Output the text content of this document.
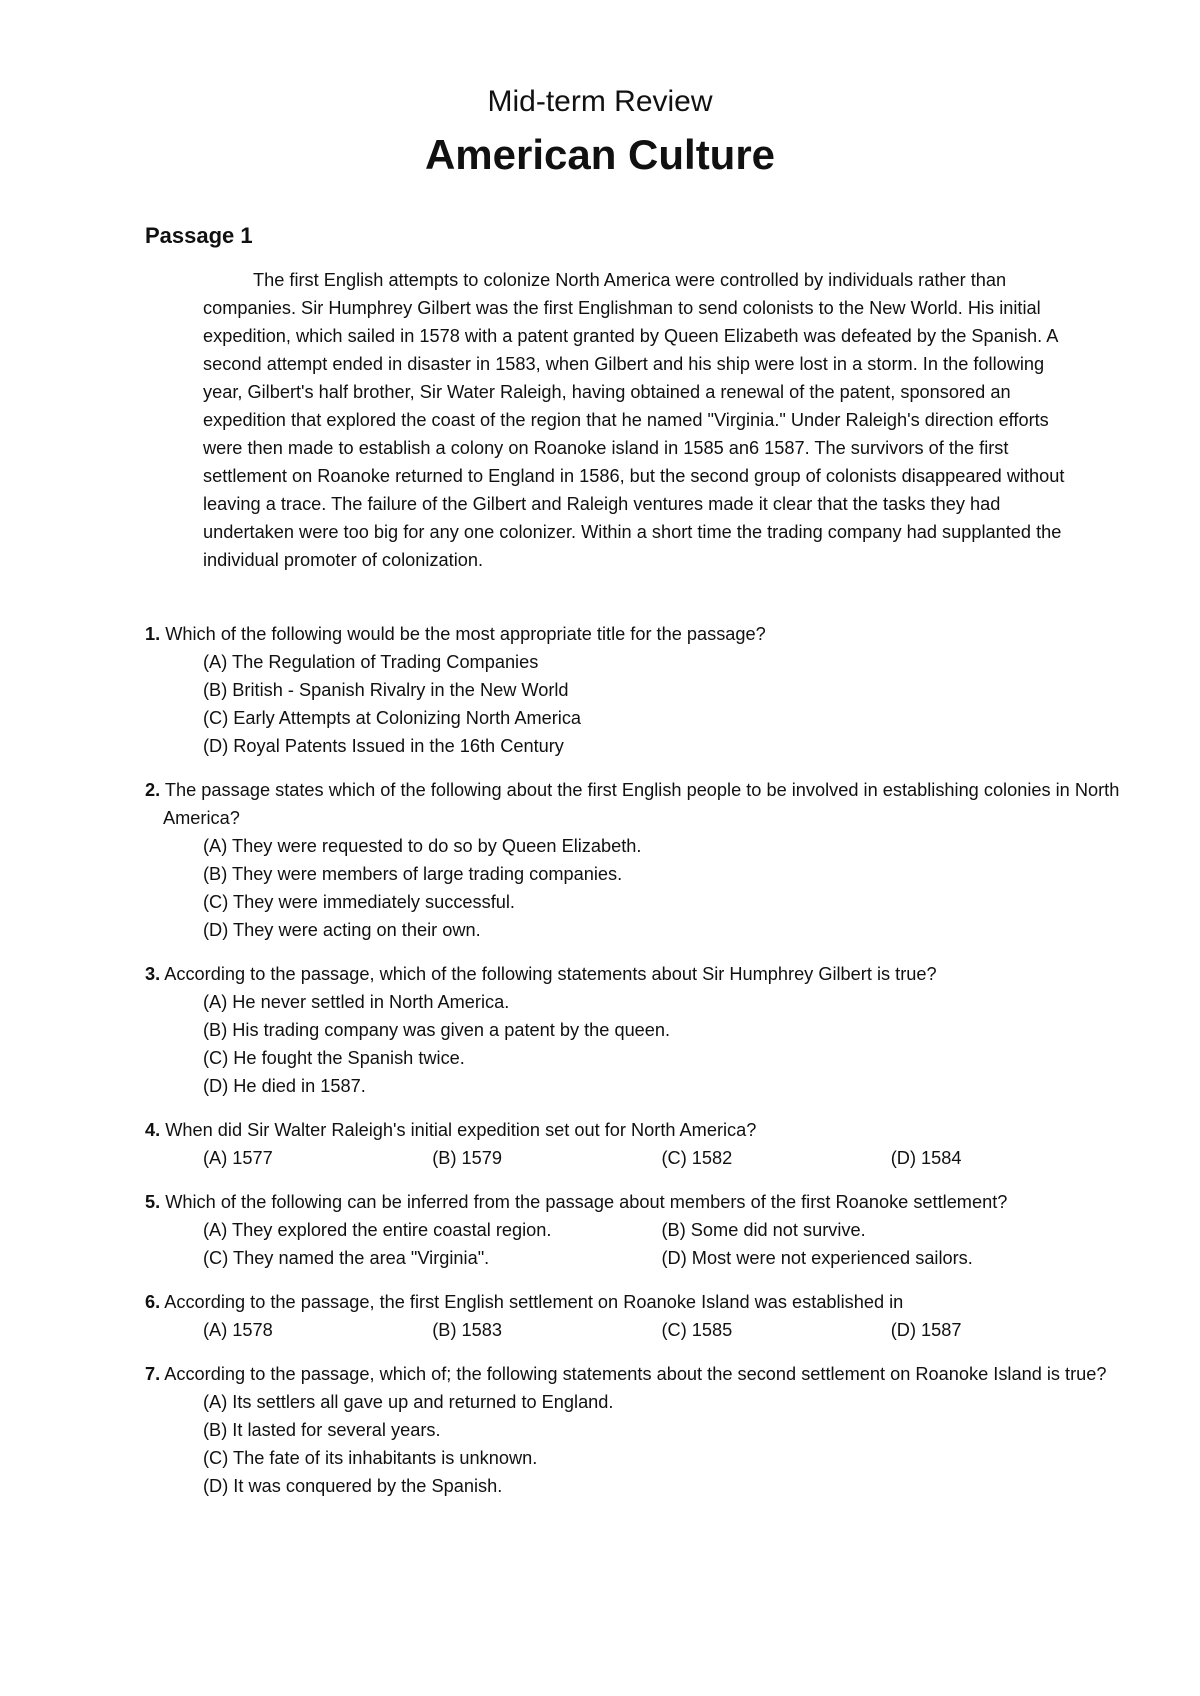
Mid-term Review
American Culture
Passage 1

The first English attempts to colonize North America were controlled by individuals rather than companies. Sir Humphrey Gilbert was the first Englishman to send colonists to the New World. His initial expedition, which sailed in 1578 with a patent granted by Queen Elizabeth was defeated by the Spanish. A second attempt ended in disaster in 1583, when Gilbert and his ship were lost in a storm. In the following year, Gilbert's half brother, Sir Water Raleigh, having obtained a renewal of the patent, sponsored an expedition that explored the coast of the region that he named "Virginia." Under Raleigh's direction efforts were then made to establish a colony on Roanoke island in 1585 an6 1587. The survivors of the first settlement on Roanoke returned to England in 1586, but the second group of colonists disappeared without leaving a trace. The failure of the Gilbert and Raleigh ventures made it clear that the tasks they had undertaken were too big for any one colonizer. Within a short time the trading company had supplanted the individual promoter of colonization.

1. Which of the following would be the most appropriate title for the passage?

(A) The Regulation of Trading Companies
(B) British - Spanish Rivalry in the New World
(C) Early Attempts at Colonizing North America
(D) Royal Patents Issued in the 16th Century

2. The passage states which of the following about the first English people to be involved in establishing colonies in North America?

(A) They were requested to do so by Queen Elizabeth.
(B) They were members of large trading companies.
(C) They were immediately successful.
(D) They were acting on their own.

3. According to the passage, which of the following statements about Sir Humphrey Gilbert is true?

(A) He never settled in North America.
(B) His trading company was given a patent by the queen.
(C) He fought the Spanish twice.
(D) He died in 1587.

4. When did Sir Walter Raleigh's initial expedition set out for North America?

(A) 1577	(B) 1579	(C) 1582	(D) 1584

5. Which of the following can be inferred from the passage about members of the first Roanoke settlement?

(A) They explored the entire coastal region.	(B) Some did not survive.
(C) They named the area "Virginia".	(D) Most were not experienced sailors.

6. According to the passage, the first English settlement on Roanoke Island was established in

(A) 1578	(B) 1583	(C) 1585	(D) 1587

7. According to the passage, which of; the following statements about the second settlement on Roanoke Island is true?

(A) Its settlers all gave up and returned to England.
(B) It lasted for several years.
(C) The fate of its inhabitants is unknown.
(D) It was conquered by the Spanish.
